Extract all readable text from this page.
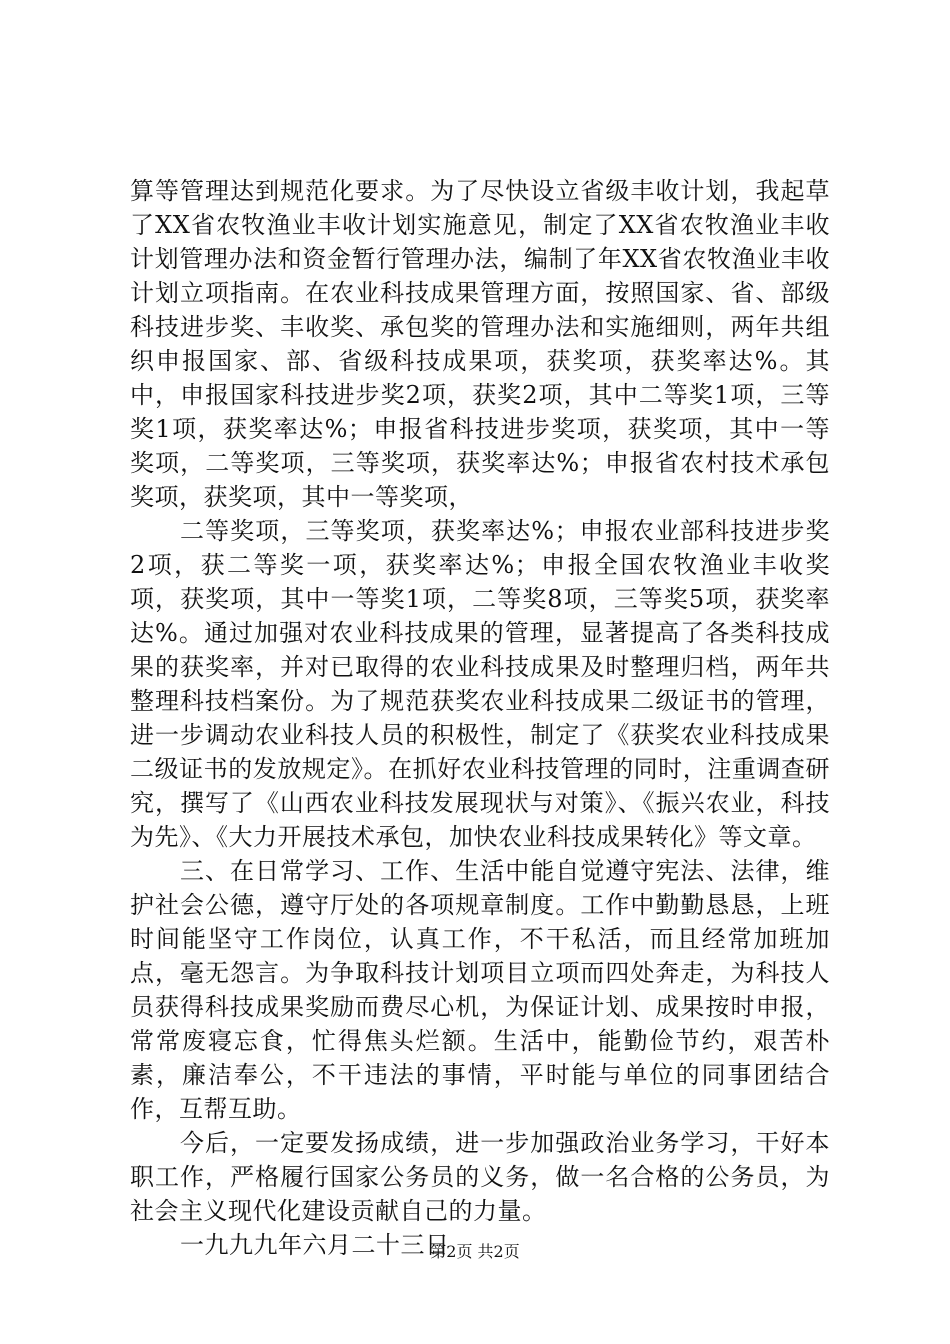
算等管理达到规范化要求。为了尽快设立省级丰收计划，我起草了XX省农牧渔业丰收计划实施意见，制定了XX省农牧渔业丰收计划管理办法和资金暂行管理办法，编制了年XX省农牧渔业丰收计划立项指南。在农业科技成果管理方面，按照国家、省、部级科技进步奖、丰收奖、承包奖的管理办法和实施细则，两年共组织申报国家、部、省级科技成果项，获奖项，获奖率达%。其中，申报国家科技进步奖2项，获奖2项，其中二等奖1项，三等奖1项，获奖率达%；申报省科技进步奖项，获奖项，其中一等奖项，二等奖项，三等奖项，获奖率达%；申报省农村技术承包奖项，获奖项，其中一等奖项，

二等奖项，三等奖项，获奖率达%；申报农业部科技进步奖2项，获二等奖一项，获奖率达%；申报全国农牧渔业丰收奖项，获奖项，其中一等奖1项，二等奖8项，三等奖5项，获奖率达%。通过加强对农业科技成果的管理，显著提高了各类科技成果的获奖率，并对已取得的农业科技成果及时整理归档，两年共整理科技档案份。为了规范获奖农业科技成果二级证书的管理，进一步调动农业科技人员的积极性，制定了《获奖农业科技成果二级证书的发放规定》。在抓好农业科技管理的同时，注重调查研究，撰写了《山西农业科技发展现状与对策》、《振兴农业，科技为先》、《大力开展技术承包，加快农业科技成果转化》等文章。

三、在日常学习、工作、生活中能自觉遵守宪法、法律，维护社会公德，遵守厅处的各项规章制度。工作中勤勤恳恳，上班时间能坚守工作岗位，认真工作，不干私活，而且经常加班加点，毫无怨言。为争取科技计划项目立项而四处奔走，为科技人员获得科技成果奖励而费尽心机，为保证计划、成果按时申报，常常废寝忘食，忙得焦头烂额。生活中，能勤俭节约，艰苦朴素，廉洁奉公，不干违法的事情，平时能与单位的同事团结合作，互帮互助。

今后，一定要发扬成绩，进一步加强政治业务学习，干好本职工作，严格履行国家公务员的义务，做一名合格的公务员，为社会主义现代化建设贡献自己的力量。

一九九九年六月二十三日

第2页 共2页
